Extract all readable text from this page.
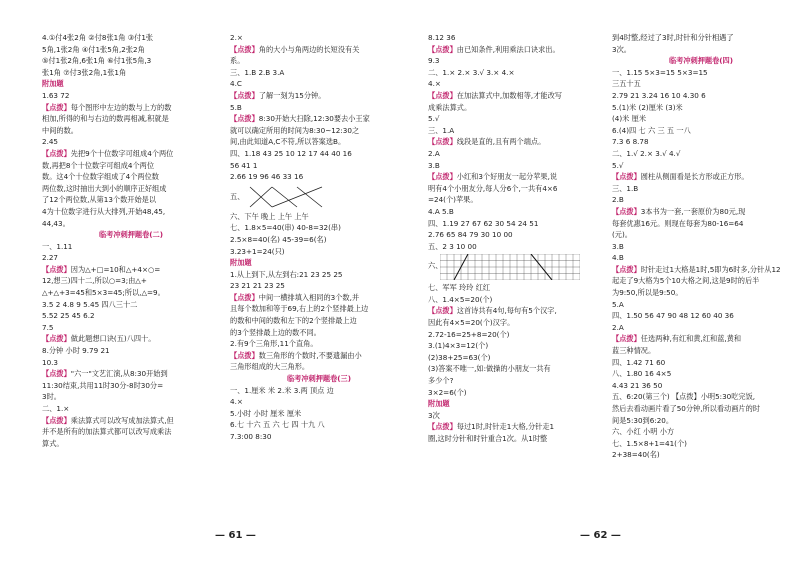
4.①付4张2角 ②付8张1角 ③付1张
5角,1张2角 ④付1张5角,2张2角
⑤付1张2角,6张1角 ⑥付1张5角,3
张1角 ⑦付3张2角,1张1角
附加题
1.63 72
【点拨】每个图形中左边的数与上方的数
相加,所得的和与右边的数再相减,积就是
中间的数。
2.45
【点拨】先把9个十位数字可组成4个两位
数,再把8个十位数字可组成4个两位
数。这4个十位数字组成了4个两位数
两位数,这时抽出大到小的顺序正好组成
了12个两位数,从第13个数开始是以
4为十位数字进行从大排列,开始48,45,
44,43。
临考冲刺押题卷(二)
一、1.11
2.27
【点拨】因为△+□=10和△+4×○=
12,想三)四十二,所以○=3;由△+
△+△+3=45和5×3=45;所以,△=9。
3.5 2 4.8 9 5.45 四八三十二
5.52 25 45 6.2
7.5
【点拨】做此题想口诀(五)八四十。
8.分钟 小时 9.79 21
10.3
【点拨】"六一"文艺汇演,从8:30开始到
11:30结束,共用11时30分-8时30分=
3时。
二、1.×
【点拨】乘法算式可以改写成加法算式,但
并不是所有的加法算式都可以改写成乘法
算式。
2.×
【点拨】角的大小与角两边的长短没有关
系。
三、1.B 2.B 3.A
4.C
【点拨】了解一刻为15分钟。
5.B
【点拨】8:30开始大扫除,12:30要去小王家
就可以确定所用的时间为8:30~12:30之
间,由此知道A,C不符,所以答案选B。
四、1.18 43 25 10 12 17 44 40 16
56 41 1
2.66 19 96 46 33 16
五、
六、下午 晚上 上午 上午
七、1.8×5=40(串) 40-8=32(串)
2.5×8=40(名) 45-39=6(名)
3.23+1=24(只)
附加题
1.从上到下,从左到右:21 23 25 25
23 21 21 23 25
【点拨】中间一横排填入相同的3个数,并
且每个数加和等于69,右上的2个竖排最上边
的数和中间的数和左下的2个竖排最上边
的3个竖排最上边的数不同。
2.有9个三角形,11个直角。
【点拨】数三角形的个数时,不要遗漏由小
三角形组成的大三角形。
临考冲刺押题卷(三)
一、1.厘米 米 2.米 3.两 顶点 边
4.×
5.小时 小时 厘米 厘米
6.七 十六 五 六 七 四 十九 八
7.3:00 8:30
8.12 36
【点拨】由已知条件,利用乘法口诀求出。
9.3
二、1.× 2.× 3.√ 3.× 4.×
4.×
【点拨】在加法算式中,加数相等,才能改写
成乘法算式。
5.√
三、1.A
【点拨】线段是直的,且有两个端点。
2.A
3.B
【点拨】小红和3个好朋友一起分苹果,说
明有4个小朋友分,每人分6个,一共有4×6
=24(个)苹果。
4.A 5.B
四、1.19 27 67 62 30 54 24 51
2.76 65 84 79 30 10 00
五、2 3 10 00
六、
七、军军 玲玲 红红
八、1.4×5=20(个)
【点拨】这首诗共有4句,每句有5个汉字,
因此有4×5=20(个)汉字。
2.72-16=25+8=20(个)
3.(1)4×3=12(个)
(2)38+25=63(个)
(3)答案不唯一,如:做操的小朋友一共有
多少个?
3×2=6(个)
附加题
3次
【点拨】每过1时,时针走1大格,分针走1
圈,这时分针和时针重合1次。从1时整
到4时整,经过了3时,时针和分针相遇了
3次。
临考冲刺押题卷(四)
一、1.15 5×3=15 5×3=15
三五十五
2.79 21 3.24 16 10 4.30 6
5.(1)米 (2)厘米 (3)米
(4)米 厘米
6.(4)四 七 六 三 五 一八
7.3 6 8.78
二、1.√ 2.× 3.√ 4.√
5.√
【点拨】圆柱从侧面看是长方形或正方形。
三、1.B
2.B
【点拨】3本书为一套,一套原价为80元,现
每套优惠16元。则现在每套为80-16=64
(元)。
3.B
4.B
【点拨】时针走过1大格是1时,5即为6时多,分针从12
起走了9大格为5个10大格之间,这是9时的后半
为9:50,所以是9:50。
5.A
四、1.50 56 47 90 48 12 60 40 36
2.A
【点拨】任选两种,有红和黄,红和蓝,黄和
蓝三种情况。
四、1.42 71 60
八、1.80 16 4×5
4.43 21 36 50
五、6:20(第三个) 【点拨】小明5:30吃完饭,
然后去看动画片看了50分钟,所以看动画片的时
间是5:30到6:20。
六、小红 小明 小方
七、1.5×8+1=41(个)
2+38=40(名)
— 61 —	— 62 —
